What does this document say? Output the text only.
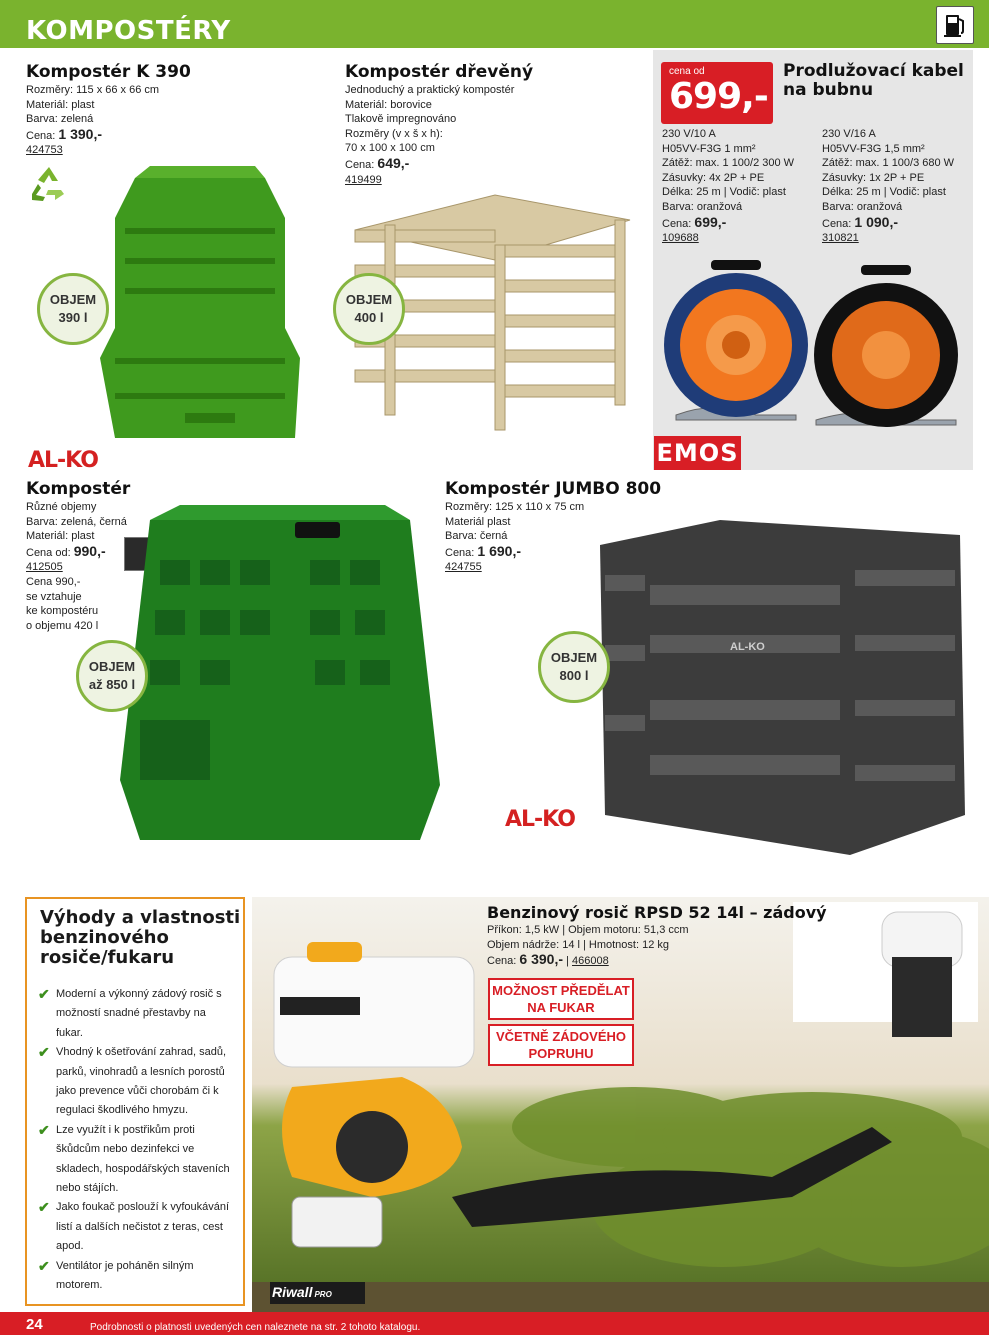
KOMPOSTÉRY
Kompostér K 390
Rozměry: 115 x 66 x 66 cm
Materiál: plast
Barva: zelená
Cena: 1 390,-
424753
OBJEM
390 l
Kompostér dřevěný
Jednoduchý a praktický kompostér
Materiál: borovice
Tlakově impregnováno
Rozměry (v x š x h):
70 x 100 x 100 cm
Cena: 649,-
419499
OBJEM
400 l
cena od
699,-
Prodlužovací kabel
na bubnu
230 V/10 A
H05VV-F3G 1 mm²
Zátěž: max. 1 100/2 300 W
Zásuvky: 4x 2P + PE
Délka: 25 m | Vodič: plast
Barva: oranžová
Cena: 699,-
109688
230 V/16 A
H05VV-F3G 1,5 mm²
Zátěž: max. 1 100/3 680 W
Zásuvky: 1x 2P + PE
Délka: 25 m | Vodič: plast
Barva: oranžová
Cena: 1 090,-
310821
EMOS
AL-KO
Kompostér
Různé objemy
Barva: zelená, černá
Materiál: plast
Cena od: 990,-
412505
Cena 990,-
se vztahuje
ke kompostéru
o objemu 420 l
OBJEM
až 850 l
Kompostér JUMBO 800
Rozměry: 125 x 110 x 75 cm
Materiál plast
Barva: černá
Cena: 1 690,-
424755
AL-KO
OBJEM
800 l
AL-KO
Riwall PRO
Benzinový rosič RPSD 52 14l – zádový
Příkon: 1,5 kW | Objem motoru: 51,3 ccm
Objem nádrže: 14 l | Hmotnost: 12 kg
Cena: 6 390,- | 466008
MOŽNOST PŘEDĚLAT
NA FUKAR
VČETNĚ ZÁDOVÉHO
POPRUHU
Výhody a vlastnosti
benzinového
rosiče/fukaru
✔ Moderní a výkonný zádový rosič s možností snadné přestavby na fukar.
✔ Vhodný k ošetřování zahrad, sadů, parků, vinohradů a lesních porostů jako prevence vůči chorobám či k regulaci škodlivého hmyzu.
✔ Lze využít i k postřikům proti škůdcům nebo dezinfekci ve skladech, hospodářských staveních nebo stájích.
✔ Jako foukač poslouží k vyfoukávání listí a dalších nečistot z teras, cest apod.
✔ Ventilátor je poháněn silným motorem.
24	Podrobnosti o platnosti uvedených cen naleznete na str. 2 tohoto katalogu.
